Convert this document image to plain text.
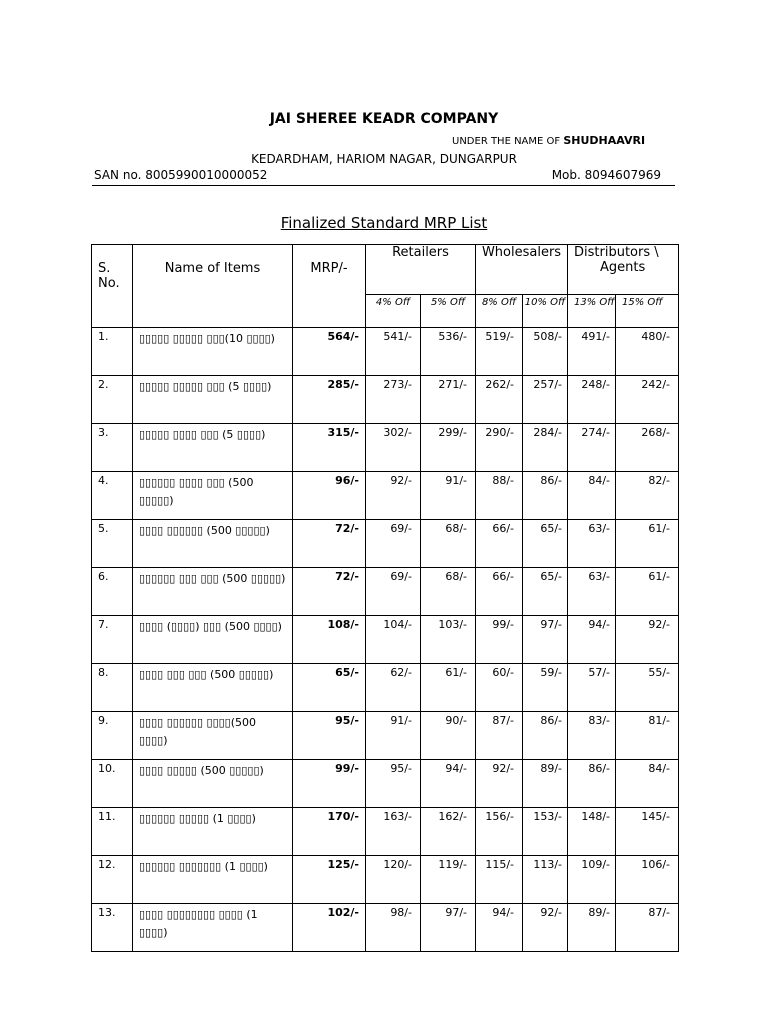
JAI SHEREE KEADR COMPANY
UNDER THE NAME OF SHUDHAAVRI
KEDARDHAM, HARIOM NAGAR, DUNGARPUR
SAN no. 8005990010000052	Mob. 8094607969
Finalized Standard MRP List
S. No.	Name of Items	MRP/-	Retailers		Wholesalers		Distributors \
Agents	

			4% Off	5% Off	8% Off	10% Off	13% Off	15% Off
1.	▯▯▯▯▯ ▯▯▯▯▯ ▯▯▯(10 ▯▯▯▯)	564/-	541/-	536/-	519/-	508/-	491/-	480/-
2.	▯▯▯▯▯ ▯▯▯▯▯ ▯▯▯ (5 ▯▯▯▯)	285/-	273/-	271/-	262/-	257/-	248/-	242/-
3.	▯▯▯▯▯ ▯▯▯▯ ▯▯▯ (5 ▯▯▯▯)	315/-	302/-	299/-	290/-	284/-	274/-	268/-
4.	▯▯▯▯▯▯ ▯▯▯▯ ▯▯▯ (500 ▯▯▯▯▯)	96/-	92/-	91/-	88/-	86/-	84/-	82/-
5.	▯▯▯▯ ▯▯▯▯▯▯ (500 ▯▯▯▯▯)	72/-	69/-	68/-	66/-	65/-	63/-	61/-
6.	▯▯▯▯▯▯ ▯▯▯ ▯▯▯ (500 ▯▯▯▯▯)	72/-	69/-	68/-	66/-	65/-	63/-	61/-
7.	▯▯▯▯ (▯▯▯▯) ▯▯▯ (500 ▯▯▯▯)	108/-	104/-	103/-	99/-	97/-	94/-	92/-
8.	▯▯▯▯ ▯▯▯ ▯▯▯ (500 ▯▯▯▯▯)	65/-	62/-	61/-	60/-	59/-	57/-	55/-
9.	▯▯▯▯ ▯▯▯▯▯▯ ▯▯▯▯(500 ▯▯▯▯)	95/-	91/-	90/-	87/-	86/-	83/-	81/-
10.	▯▯▯▯ ▯▯▯▯▯ (500 ▯▯▯▯▯)	99/-	95/-	94/-	92/-	89/-	86/-	84/-
11.	▯▯▯▯▯▯ ▯▯▯▯▯ (1 ▯▯▯▯)	170/-	163/-	162/-	156/-	153/-	148/-	145/-
12.	▯▯▯▯▯▯ ▯▯▯▯▯▯▯ (1 ▯▯▯▯)	125/-	120/-	119/-	115/-	113/-	109/-	106/-
13.	▯▯▯▯ ▯▯▯▯▯▯▯▯ ▯▯▯▯ (1 ▯▯▯▯)	102/-	98/-	97/-	94/-	92/-	89/-	87/-
